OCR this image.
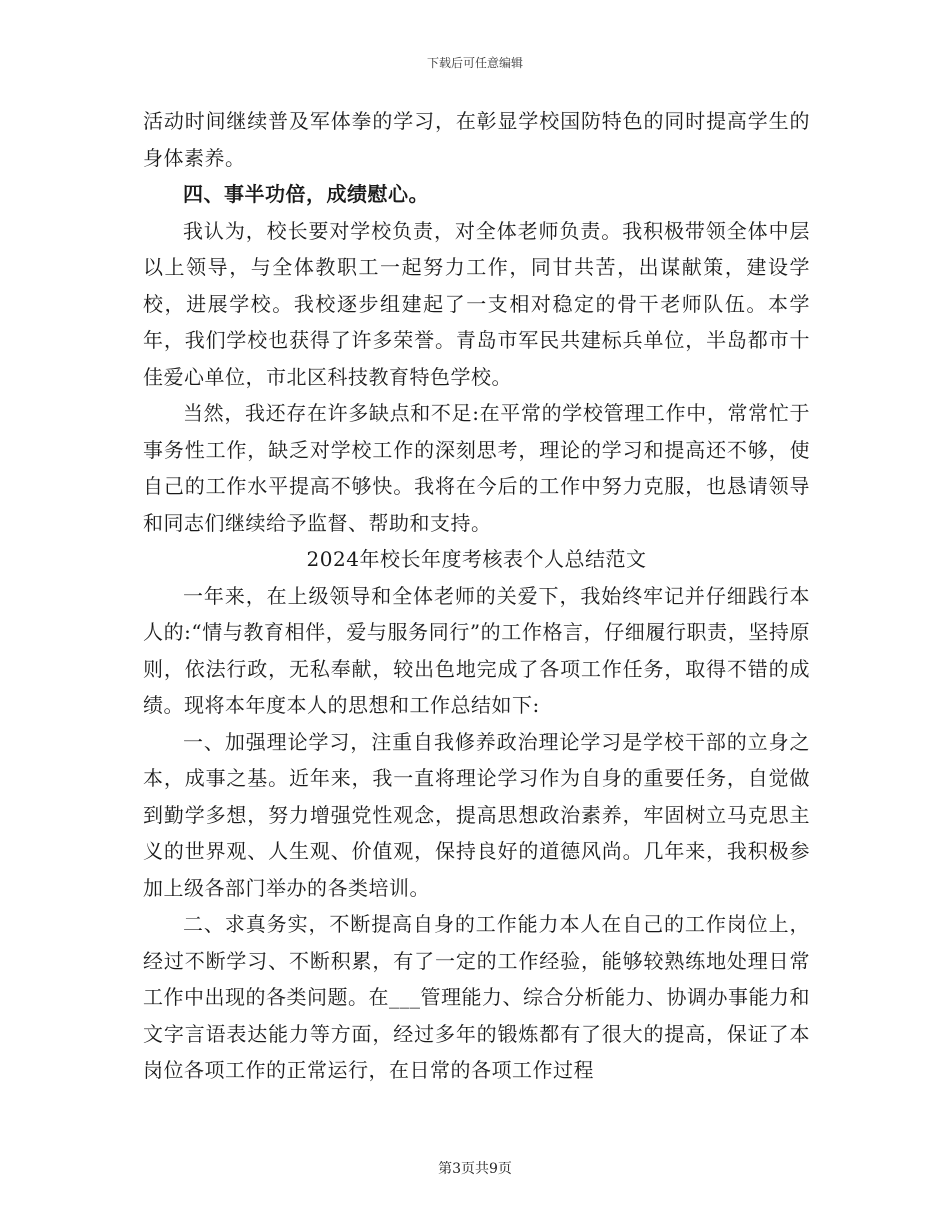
下载后可任意编辑

活动时间继续普及军体拳的学习，在彰显学校国防特色的同时提高学生的身体素养。

四、事半功倍，成绩慰心。

我认为，校长要对学校负责，对全体老师负责。我积极带领全体中层以上领导，与全体教职工一起努力工作，同甘共苦，出谋献策，建设学校，进展学校。我校逐步组建起了一支相对稳定的骨干老师队伍。本学年，我们学校也获得了许多荣誉。青岛市军民共建标兵单位，半岛都市十佳爱心单位，市北区科技教育特色学校。

当然，我还存在许多缺点和不足:在平常的学校管理工作中，常常忙于事务性工作，缺乏对学校工作的深刻思考，理论的学习和提高还不够，使自己的工作水平提高不够快。我将在今后的工作中努力克服，也恳请领导和同志们继续给予监督、帮助和支持。

2024年校长年度考核表个人总结范文

一年来，在上级领导和全体老师的关爱下，我始终牢记并仔细践行本人的:“情与教育相伴，爱与服务同行”的工作格言，仔细履行职责，坚持原则，依法行政，无私奉献，较出色地完成了各项工作任务，取得不错的成绩。现将本年度本人的思想和工作总结如下:

一、加强理论学习，注重自我修养政治理论学习是学校干部的立身之本，成事之基。近年来，我一直将理论学习作为自身的重要任务，自觉做到勤学多想，努力增强党性观念，提高思想政治素养，牢固树立马克思主义的世界观、人生观、价值观，保持良好的道德风尚。几年来，我积极参加上级各部门举办的各类培训。

二、求真务实，不断提高自身的工作能力本人在自己的工作岗位上，经过不断学习、不断积累，有了一定的工作经验，能够较熟练地处理日常工作中出现的各类问题。在___管理能力、综合分析能力、协调办事能力和文字言语表达能力等方面，经过多年的锻炼都有了很大的提高，保证了本岗位各项工作的正常运行，在日常的各项工作过程

第3页共9页
